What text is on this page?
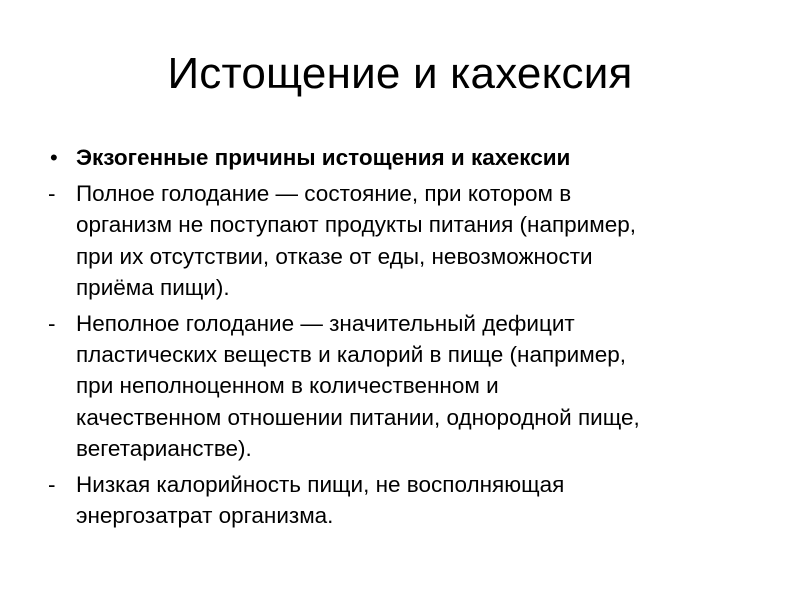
Истощение и кахексия
• Экзогенные причины истощения и кахексии
- Полное голодание — состояние, при котором в
организм не поступают продукты питания (например,
при их отсутствии, отказе от еды, невозможности
приёма пищи).
- Неполное голодание — значительный дефицит
пластических веществ и калорий в пище (например,
при неполноценном в количественном и
качественном отношении питании, однородной пище,
вегетарианстве).
- Низкая калорийность пищи, не восполняющая
энергозатрат организма.
